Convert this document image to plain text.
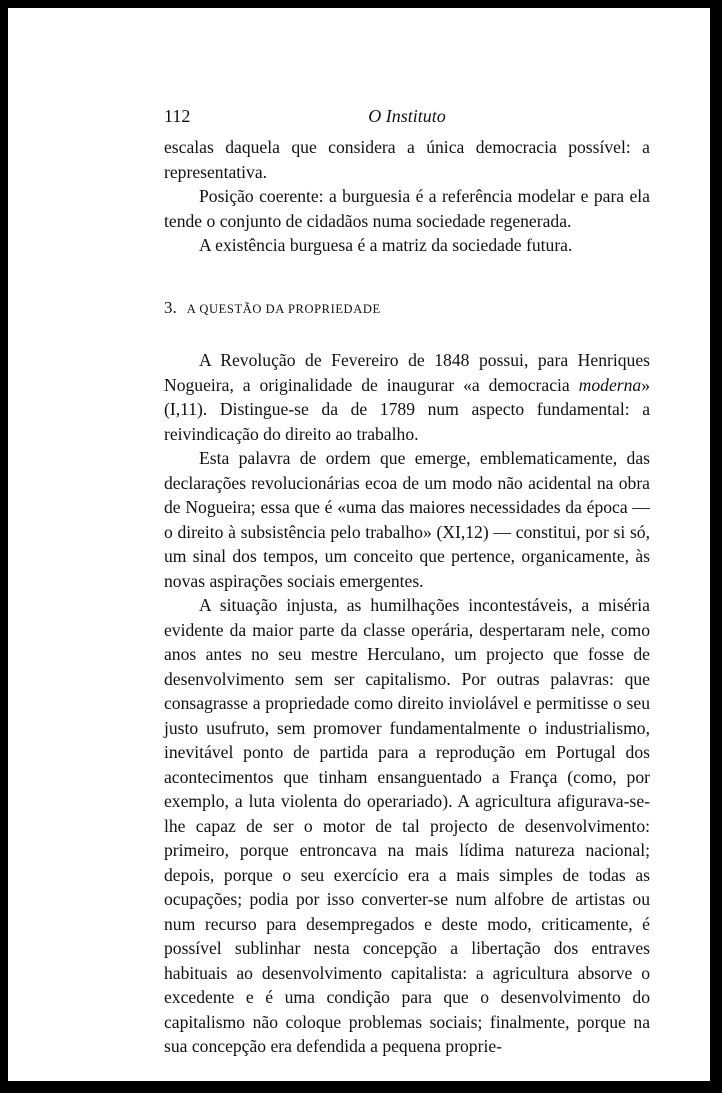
112	O Instituto

escalas daquela que considera a única democracia possível: a representativa.

Posição coerente: a burguesia é a referência modelar e para ela tende o conjunto de cidadãos numa sociedade regenerada.

A existência burguesa é a matriz da sociedade futura.

3. A QUESTÃO DA PROPRIEDADE

A Revolução de Fevereiro de 1848 possui, para Henriques Nogueira, a originalidade de inaugurar «a democracia moderna» (I,11). Distingue-se da de 1789 num aspecto fundamental: a reivindicação do direito ao trabalho.

Esta palavra de ordem que emerge, emblematicamente, das declarações revolucionárias ecoa de um modo não acidental na obra de Nogueira; essa que é «uma das maiores necessidades da época — o direito à subsistência pelo trabalho» (XI,12) — constitui, por si só, um sinal dos tempos, um conceito que pertence, organicamente, às novas aspirações sociais emergentes.

A situação injusta, as humilhações incontestáveis, a miséria evidente da maior parte da classe operária, despertaram nele, como anos antes no seu mestre Herculano, um projecto que fosse de desenvolvimento sem ser capitalismo. Por outras palavras: que consagrasse a propriedade como direito inviolável e permitisse o seu justo usufruto, sem promover fundamentalmente o industrialismo, inevitável ponto de partida para a reprodução em Portugal dos acontecimentos que tinham ensanguentado a França (como, por exemplo, a luta violenta do operariado). A agricultura afigurava-se-lhe capaz de ser o motor de tal projecto de desenvolvimento: primeiro, porque entroncava na mais lídima natureza nacional; depois, porque o seu exercício era a mais simples de todas as ocupações; podia por isso converter-se num alfobre de artistas ou num recurso para desempregados e deste modo, criticamente, é possível sublinhar nesta concepção a libertação dos entraves habituais ao desenvolvimento capitalista: a agricultura absorve o excedente e é uma condição para que o desenvolvimento do capitalismo não coloque problemas sociais; finalmente, porque na sua concepção era defendida a pequena proprie-
